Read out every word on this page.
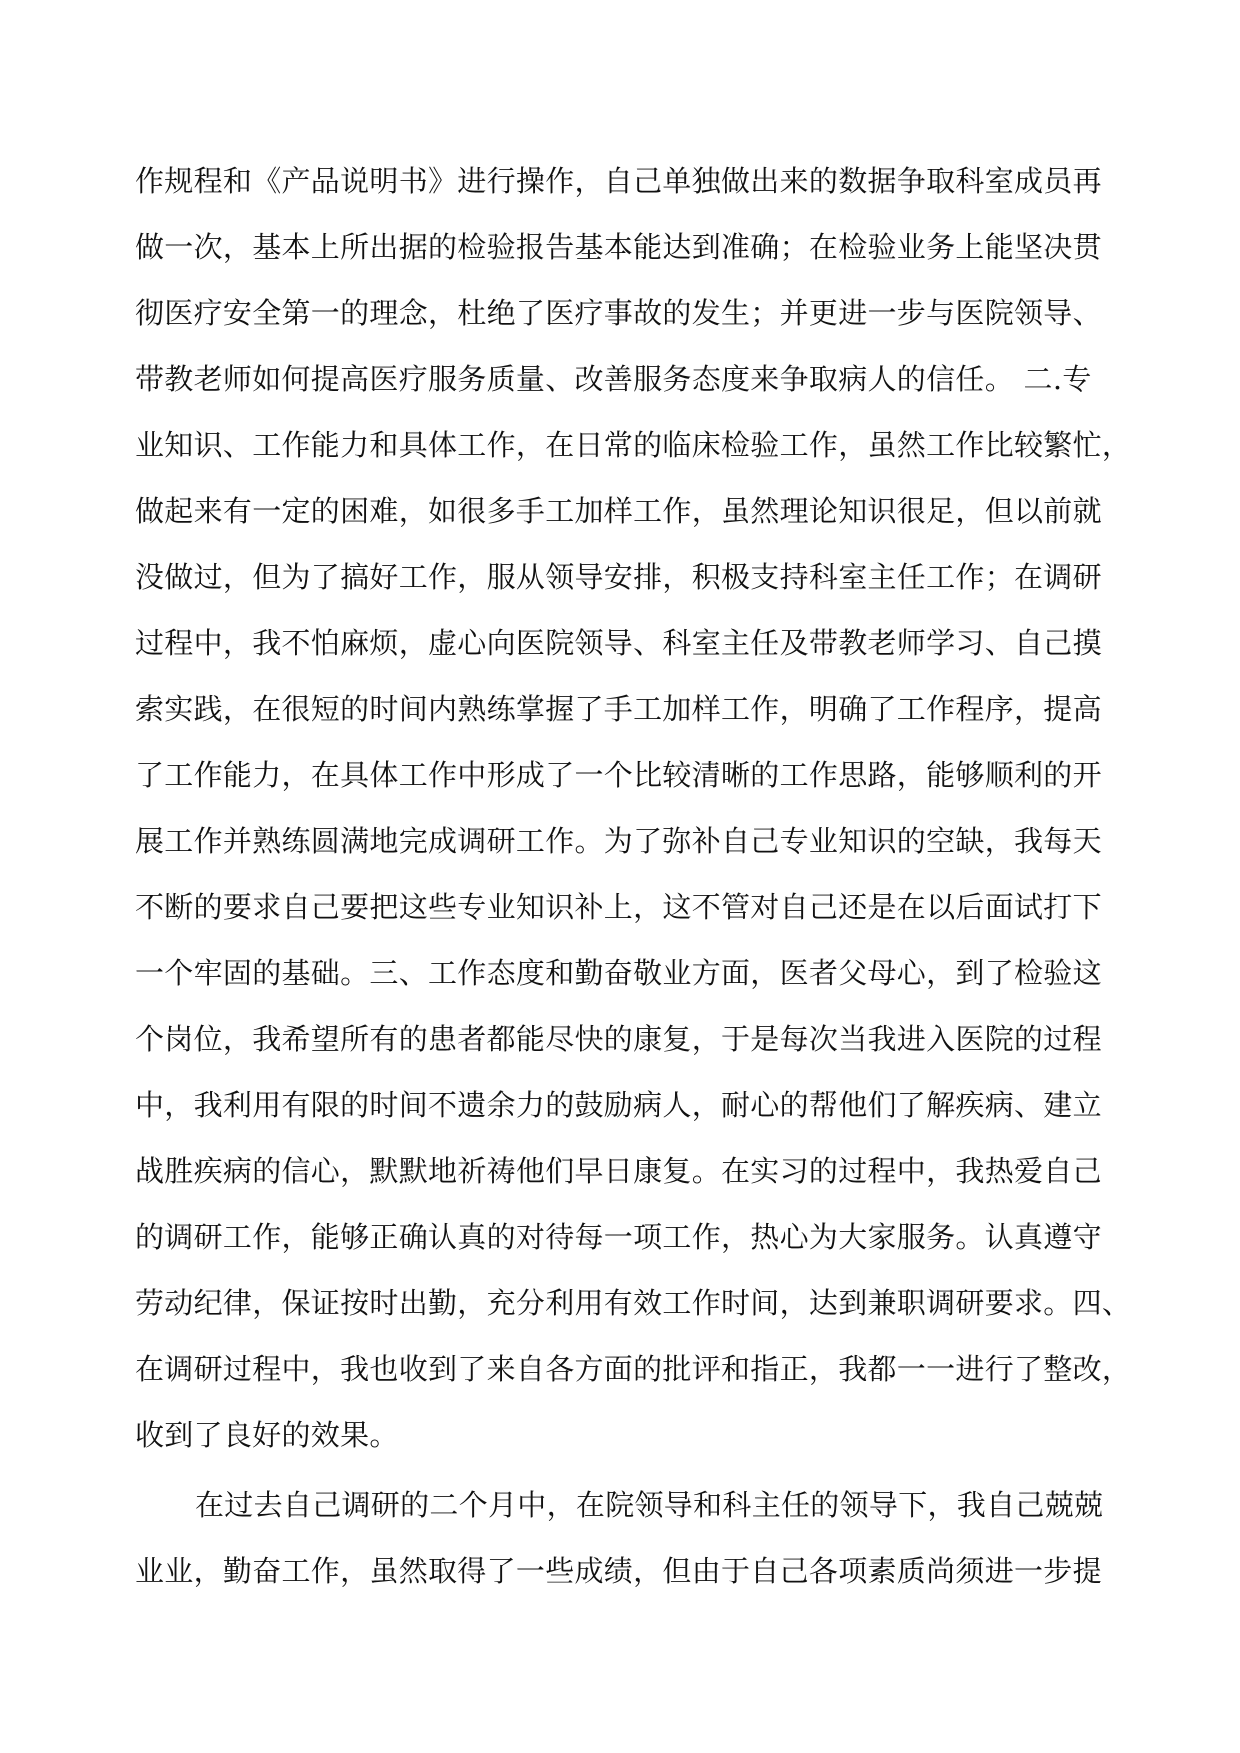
作规程和《产品说明书》进行操作，自己单独做出来的数据争取科室成员再
做一次，基本上所出据的检验报告基本能达到准确；在检验业务上能坚决贯
彻医疗安全第一的理念，杜绝了医疗事故的发生；并更进一步与医院领导、
带教老师如何提高医疗服务质量、改善服务态度来争取病人的信任。 二.专
业知识、工作能力和具体工作，在日常的临床检验工作，虽然工作比较繁忙，
做起来有一定的困难，如很多手工加样工作，虽然理论知识很足，但以前就
没做过，但为了搞好工作，服从领导安排，积极支持科室主任工作；在调研
过程中，我不怕麻烦，虚心向医院领导、科室主任及带教老师学习、自己摸
索实践，在很短的时间内熟练掌握了手工加样工作，明确了工作程序，提高
了工作能力，在具体工作中形成了一个比较清晰的工作思路，能够顺利的开
展工作并熟练圆满地完成调研工作。为了弥补自己专业知识的空缺，我每天
不断的要求自己要把这些专业知识补上，这不管对自己还是在以后面试打下
一个牢固的基础。三、工作态度和勤奋敬业方面，医者父母心，到了检验这
个岗位，我希望所有的患者都能尽快的康复，于是每次当我进入医院的过程
中，我利用有限的时间不遗余力的鼓励病人，耐心的帮他们了解疾病、建立
战胜疾病的信心，默默地祈祷他们早日康复。在实习的过程中，我热爱自己
的调研工作，能够正确认真的对待每一项工作，热心为大家服务。认真遵守
劳动纪律，保证按时出勤，充分利用有效工作时间，达到兼职调研要求。四、
在调研过程中，我也收到了来自各方面的批评和指正，我都一一进行了整改，
收到了良好的效果。
在过去自己调研的二个月中，在院领导和科主任的领导下，我自己兢兢
业业，勤奋工作，虽然取得了一些成绩，但由于自己各项素质尚须进一步提
